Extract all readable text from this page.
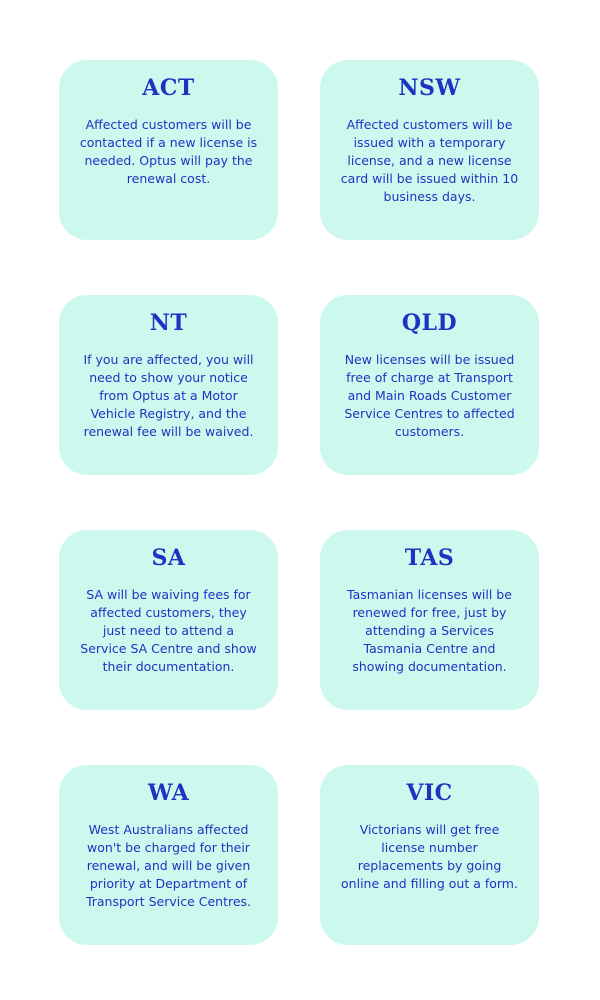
ACT

Affected customers will be
contacted if a new license is
needed. Optus will pay the
renewal cost.

NSW

Affected customers will be
issued with a temporary
license, and a new license
card will be issued within 10
business days.

NT

If you are affected, you will
need to show your notice
from Optus at a Motor
Vehicle Registry, and the
renewal fee will be waived.

QLD

New licenses will be issued
free of charge at Transport
and Main Roads Customer
Service Centres to affected
customers.

SA

SA will be waiving fees for
affected customers, they
just need to attend a
Service SA Centre and show
their documentation.

TAS

Tasmanian licenses will be
renewed for free, just by
attending a Services
Tasmania Centre and
showing documentation.

WA

West Australians affected
won't be charged for their
renewal, and will be given
priority at Department of
Transport Service Centres.

VIC

Victorians will get free
license number
replacements by going
online and filling out a form.
